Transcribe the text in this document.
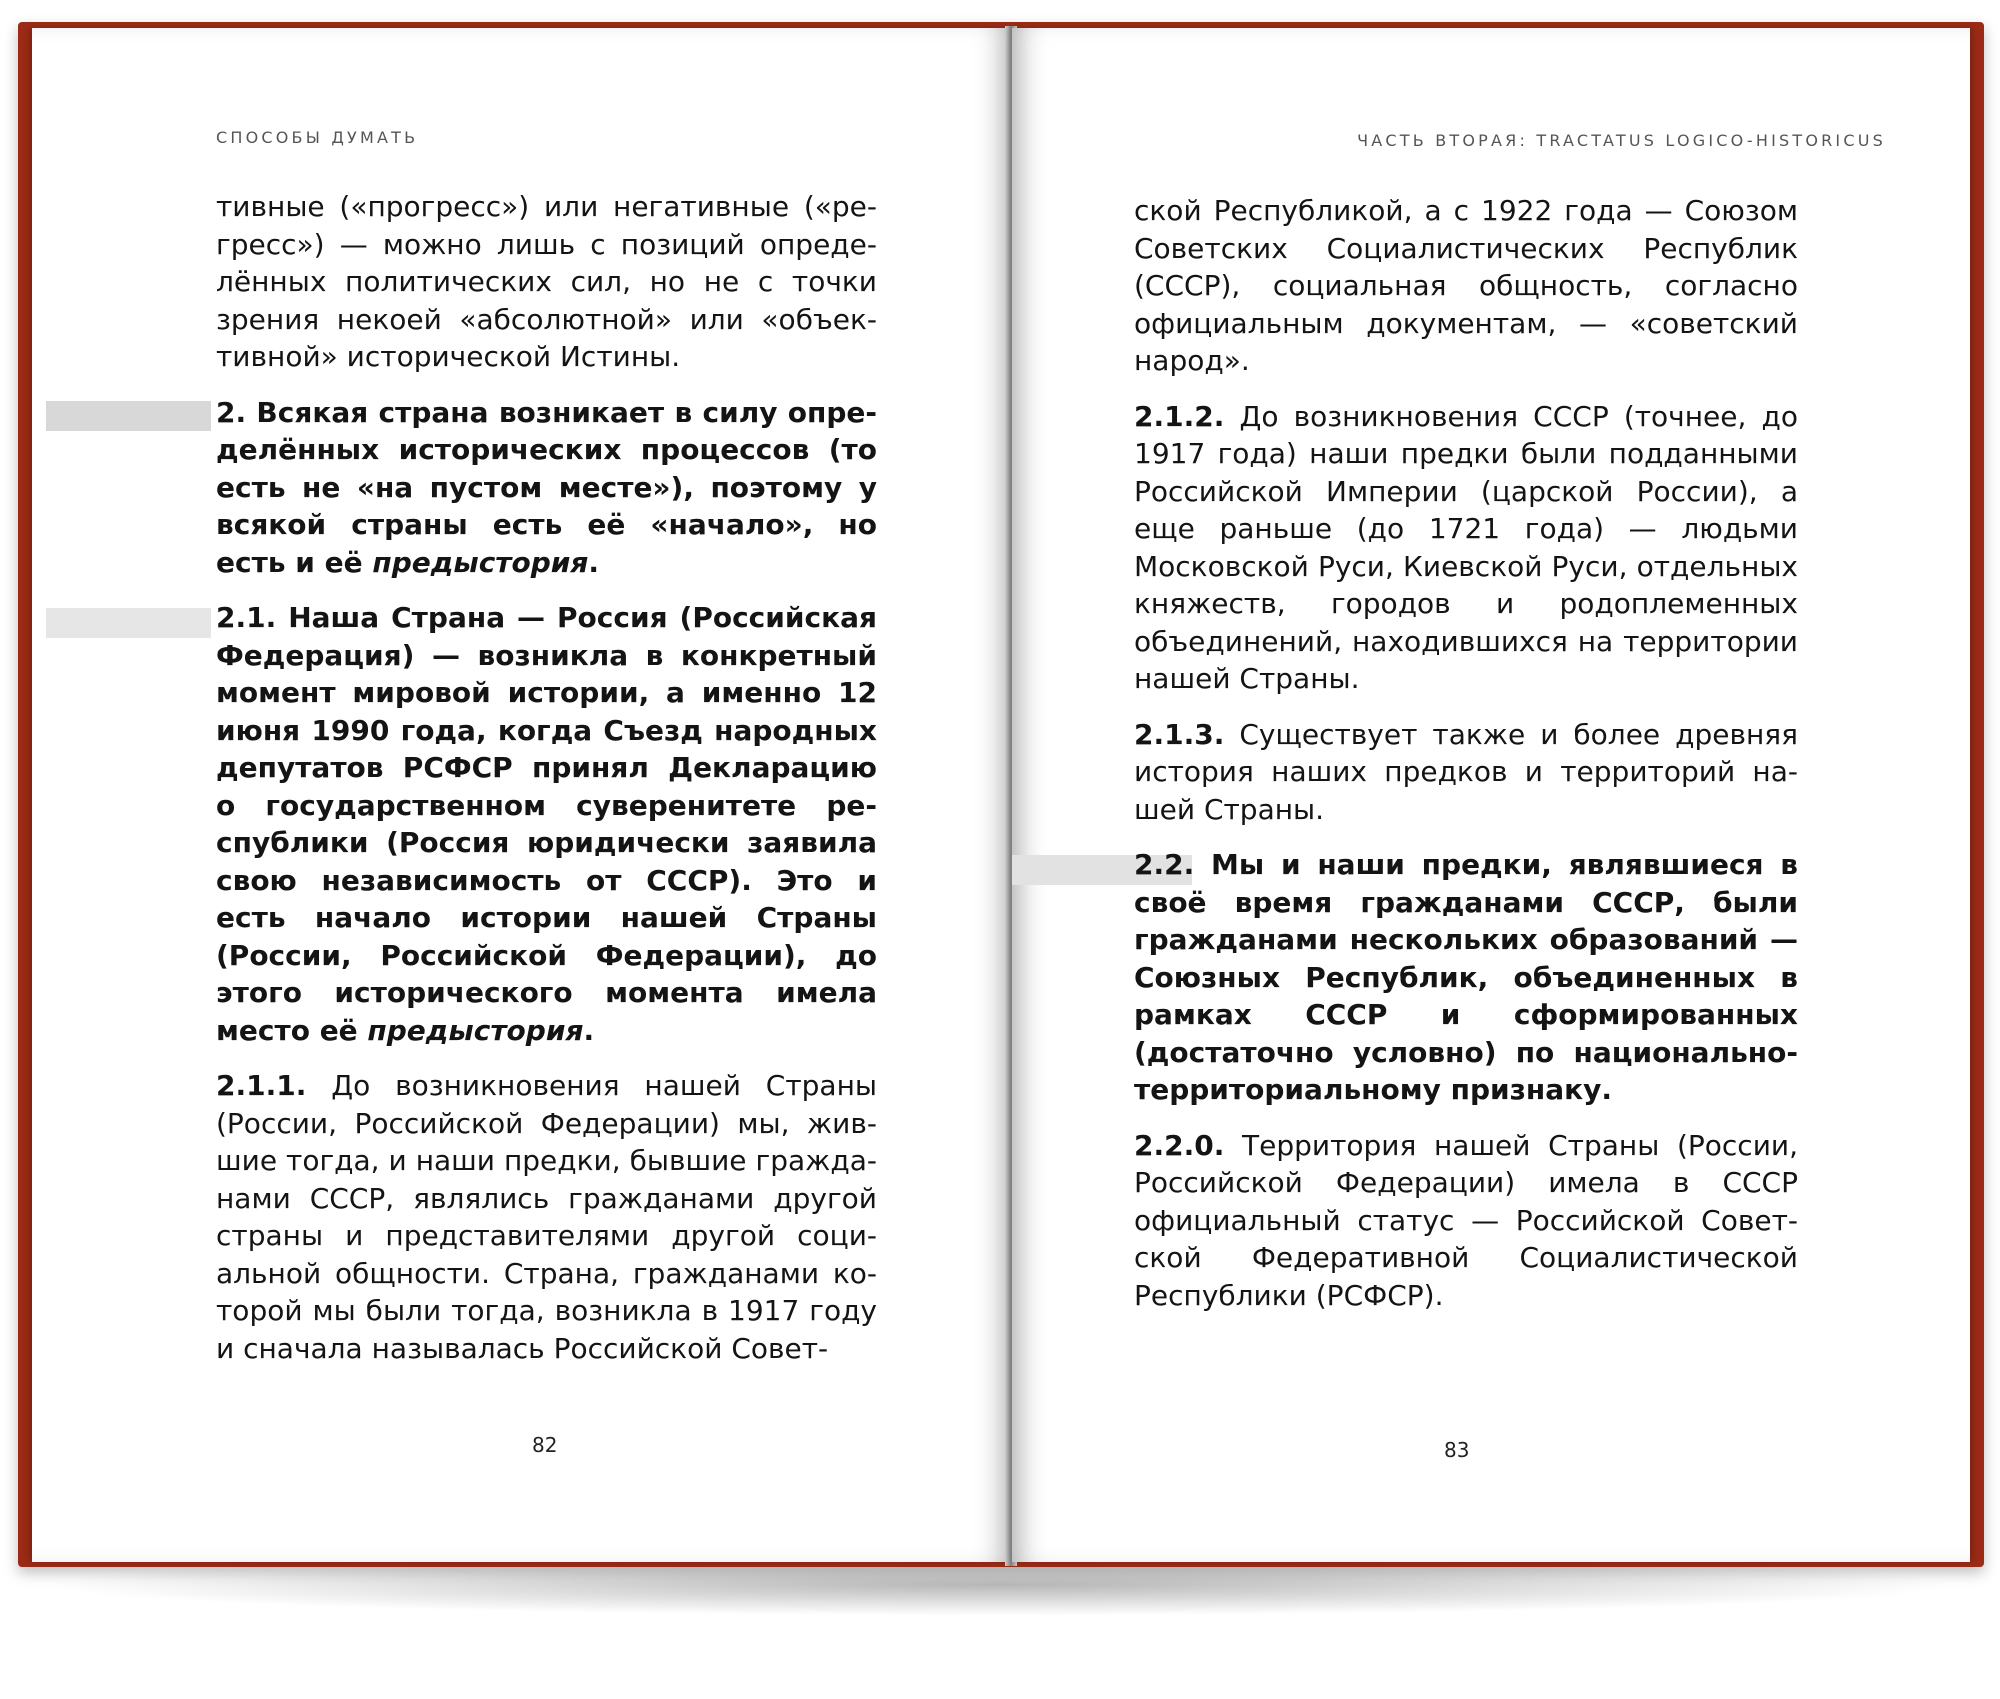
СПОСОБЫ ДУМАТЬ

тивные («прогресс») или негативные («регресс») — можно лишь с позиций определённых политических сил, но не с точки зрения некоей «абсолютной» или «объективной» исторической Истины.

2. Всякая страна возникает в силу определённых исторических процессов (то есть не «на пустом месте»), поэтому у всякой страны есть её «начало», но есть и её предыстория.

2.1. Наша Страна — Россия (Российская Федерация) — возникла в конкретный момент мировой истории, а именно 12 июня 1990 года, когда Съезд народных депутатов РСФСР принял Декларацию о государственном суверенитете республики (Россия юридически заявила свою независимость от СССР). Это и есть начало истории нашей Страны (России, Российской Федерации), до этого исторического момента имела место её предыстория.

2.1.1. До возникновения нашей Страны (России, Российской Федерации) мы, жившие тогда, и наши предки, бывшие гражданами СССР, являлись гражданами другой страны и представителями другой социальной общности. Страна, гражданами которой мы были тогда, возникла в 1917 году и сначала называлась Российской Совет-

82
ЧАСТЬ ВТОРАЯ: TRACTATUS LOGICO-HISTORICUS

ской Республикой, а с 1922 года — Союзом Советских Социалистических Республик (СССР), социальная общность, согласно официальным документам, — «советский народ».

2.1.2. До возникновения СССР (точнее, до 1917 года) наши предки были подданными Российской Империи (царской России), а еще раньше (до 1721 года) — людьми Московской Руси, Киевской Руси, отдельных княжеств, городов и родоплеменных объединений, находившихся на территории нашей Страны.

2.1.3. Существует также и более древняя история наших предков и территорий нашей Страны.

2.2. Мы и наши предки, являвшиеся в своё время гражданами СССР, были гражданами нескольких образований — Союзных Республик, объединенных в рамках СССР и сформированных (достаточно условно) по национально-территориальному признаку.

2.2.0. Территория нашей Страны (России, Российской Федерации) имела в СССР официальный статус — Российской Советской Федеративной Социалистической Республики (РСФСР).

83
